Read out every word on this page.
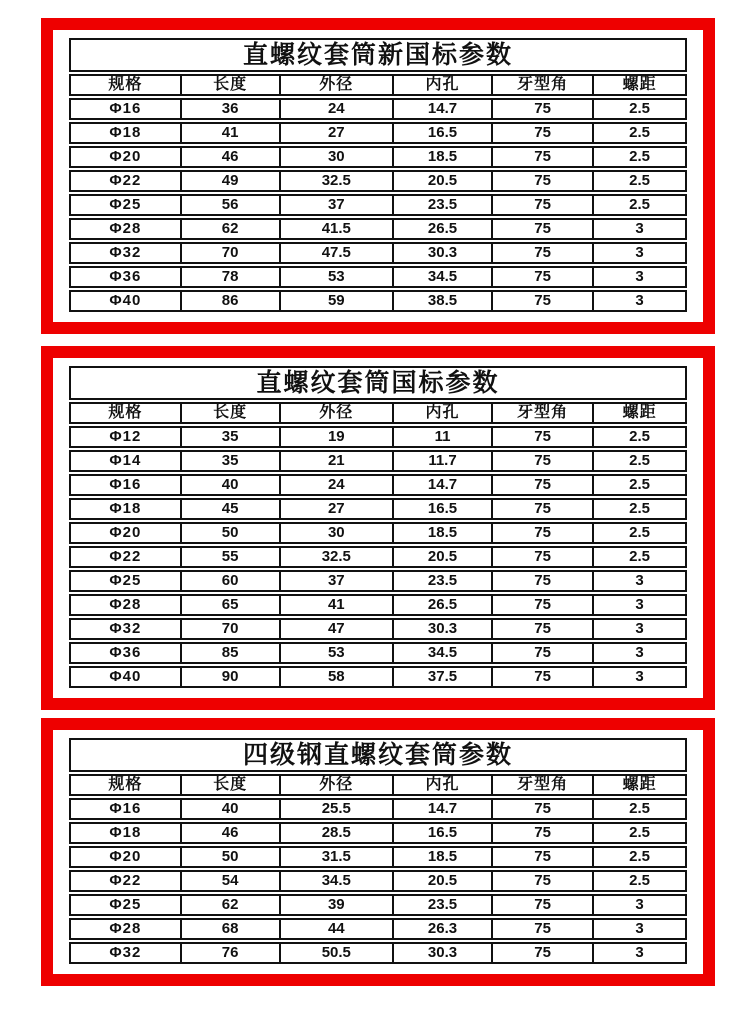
直螺纹套筒新国标参数
规格	长度	外径	内孔	牙型角	螺距
Φ16	36	24	14.7	75	2.5
Φ18	41	27	16.5	75	2.5
Φ20	46	30	18.5	75	2.5
Φ22	49	32.5	20.5	75	2.5
Φ25	56	37	23.5	75	2.5
Φ28	62	41.5	26.5	75	3
Φ32	70	47.5	30.3	75	3
Φ36	78	53	34.5	75	3
Φ40	86	59	38.5	75	3
直螺纹套筒国标参数
规格	长度	外径	内孔	牙型角	螺距
Φ12	35	19	11	75	2.5
Φ14	35	21	11.7	75	2.5
Φ16	40	24	14.7	75	2.5
Φ18	45	27	16.5	75	2.5
Φ20	50	30	18.5	75	2.5
Φ22	55	32.5	20.5	75	2.5
Φ25	60	37	23.5	75	3
Φ28	65	41	26.5	75	3
Φ32	70	47	30.3	75	3
Φ36	85	53	34.5	75	3
Φ40	90	58	37.5	75	3
四级钢直螺纹套筒参数
规格	长度	外径	内孔	牙型角	螺距
Φ16	40	25.5	14.7	75	2.5
Φ18	46	28.5	16.5	75	2.5
Φ20	50	31.5	18.5	75	2.5
Φ22	54	34.5	20.5	75	2.5
Φ25	62	39	23.5	75	3
Φ28	68	44	26.3	75	3
Φ32	76	50.5	30.3	75	3
